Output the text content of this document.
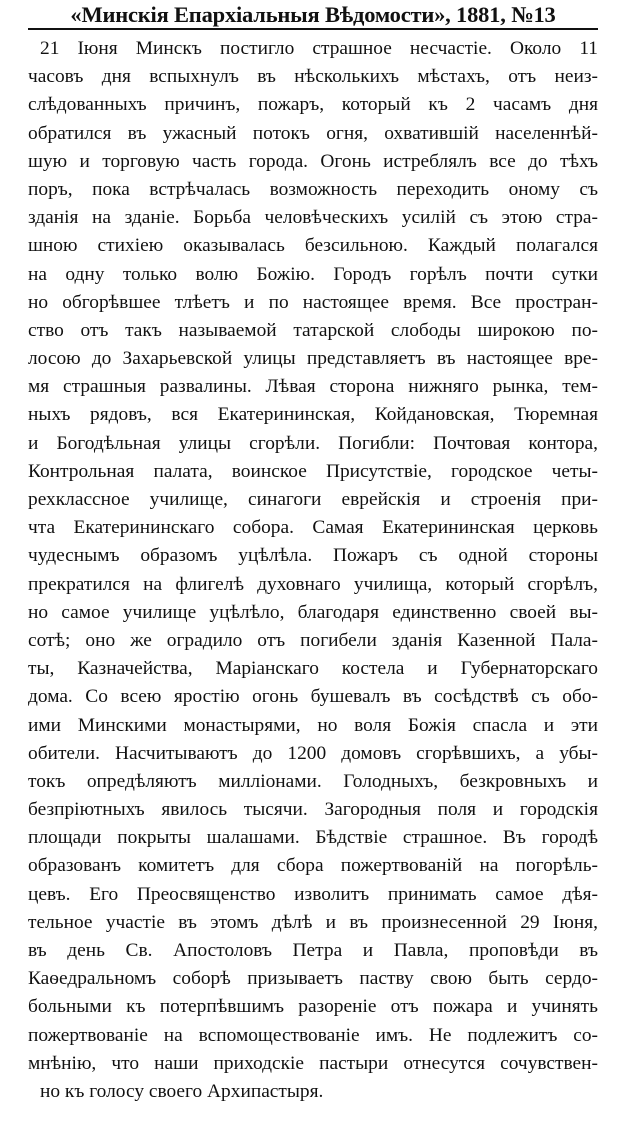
«Минскія Епархіальныя Вѣдомости», 1881, №13
21 Іюня Минскъ постигло страшное несчастіе. Около 11
часовъ дня вспыхнулъ въ нѣсколькихъ мѣстахъ, отъ неиз-
слѣдованныхъ причинъ, пожаръ, который къ 2 часамъ дня
обратился въ ужасный потокъ огня, охватившій населеннѣй-
шую и торговую часть города. Огонь истреблялъ все до тѣхъ
поръ, пока встрѣчалась возможность переходить оному съ
зданія на зданіе. Борьба человѣческихъ усилій съ этою стра-
шною стихіею оказывалась безсильною. Каждый полагался
на одну только волю Божію. Городъ горѣлъ почти сутки
но обгорѣвшее тлѣетъ и по настоящее время. Все простран-
ство отъ такъ называемой татарской слободы широкою по-
лосою до Захарьевской улицы представляетъ въ настоящее вре-
мя страшныя развалины. Лѣвая сторона нижняго рынка, тем-
ныхъ рядовъ, вся Екатерининская, Койдановская, Тюремная
и Богодѣльная улицы сгорѣли. Погибли: Почтовая контора,
Контрольная палата, воинское Присутствіе, городское четы-
рехклассное училище, синагоги еврейскія и строенія при-
чта Екатерининскаго собора. Самая Екатерининская церковь
чудеснымъ образомъ уцѣлѣла. Пожаръ съ одной стороны
прекратился на флигелѣ духовнаго училища, который сгорѣлъ,
но самое училище уцѣлѣло, благодаря единственно своей вы-
сотѣ; оно же оградило отъ погибели зданія Казенной Пала-
ты, Казначейства, Маріанскаго костела и Губернаторскаго
дома. Со всею яростію огонь бушевалъ въ сосѣдствѣ съ обо-
ими Минскими монастырями, но воля Божія спасла и эти
обители. Насчитываютъ до 1200 домовъ сгорѣвшихъ, а убы-
токъ опредѣляютъ милліонами. Голодныхъ, безкровныхъ и
безпріютныхъ явилось тысячи. Загородныя поля и городскія
площади покрыты шалашами. Бѣдствіе страшное. Въ городѣ
образованъ комитетъ для сбора пожертвованій на погорѣль-
цевъ. Его Преосвященство изволитъ принимать самое дѣя-
тельное участіе въ этомъ дѣлѣ и въ произнесенной 29 Іюня,
въ день Св. Апостоловъ Петра и Павла, проповѣди въ
Каѳедральномъ соборѣ призываетъ паству свою быть сердо-
больными къ потерпѣвшимъ разореніе отъ пожара и учинять
пожертвованіе на вспомоществованіе имъ. Не подлежитъ со-
мнѣнію, что наши приходскіе пастыри отнесутся сочувствен-
но къ голосу своего Архипастыря.
